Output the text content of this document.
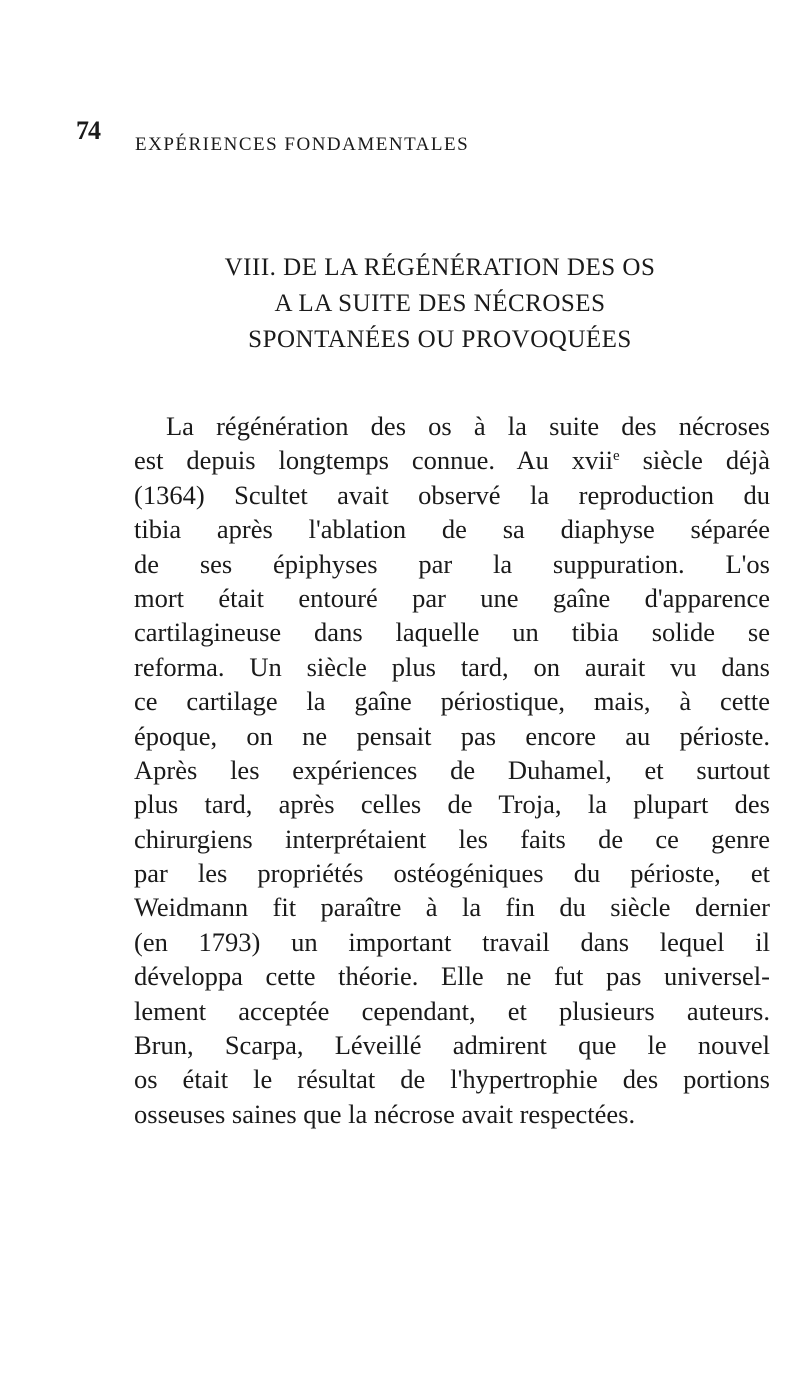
74 EXPÉRIENCES FONDAMENTALES
VIII. DE LA RÉGÉNÉRATION DES OS
A LA SUITE DES NÉCROSES
SPONTANÉES OU PROVOQUÉES
La régénération des os à la suite des nécroses
est depuis longtemps connue. Au xvii$^e$ siècle déjà
(1364) Scultet avait observé la reproduction du
tibia après l'ablation de sa diaphyse séparée
de ses épiphyses par la suppuration. L'os
mort était entouré par une gaîne d'apparence
cartilagineuse dans laquelle un tibia solide se
reforma. Un siècle plus tard, on aurait vu dans
ce cartilage la gaîne périostique, mais, à cette
époque, on ne pensait pas encore au périoste.
Après les expériences de Duhamel, et surtout
plus tard, après celles de Troja, la plupart des
chirurgiens interprétaient les faits de ce genre
par les propriétés ostéogéniques du périoste, et
Weidmann fit paraître à la fin du siècle dernier
(en 1793) un important travail dans lequel il
développa cette théorie. Elle ne fut pas universel-
lement acceptée cependant, et plusieurs auteurs.
Brun, Scarpa, Léveillé admirent que le nouvel
os était le résultat de l'hypertrophie des portions
osseuses saines que la nécrose avait respectées.
